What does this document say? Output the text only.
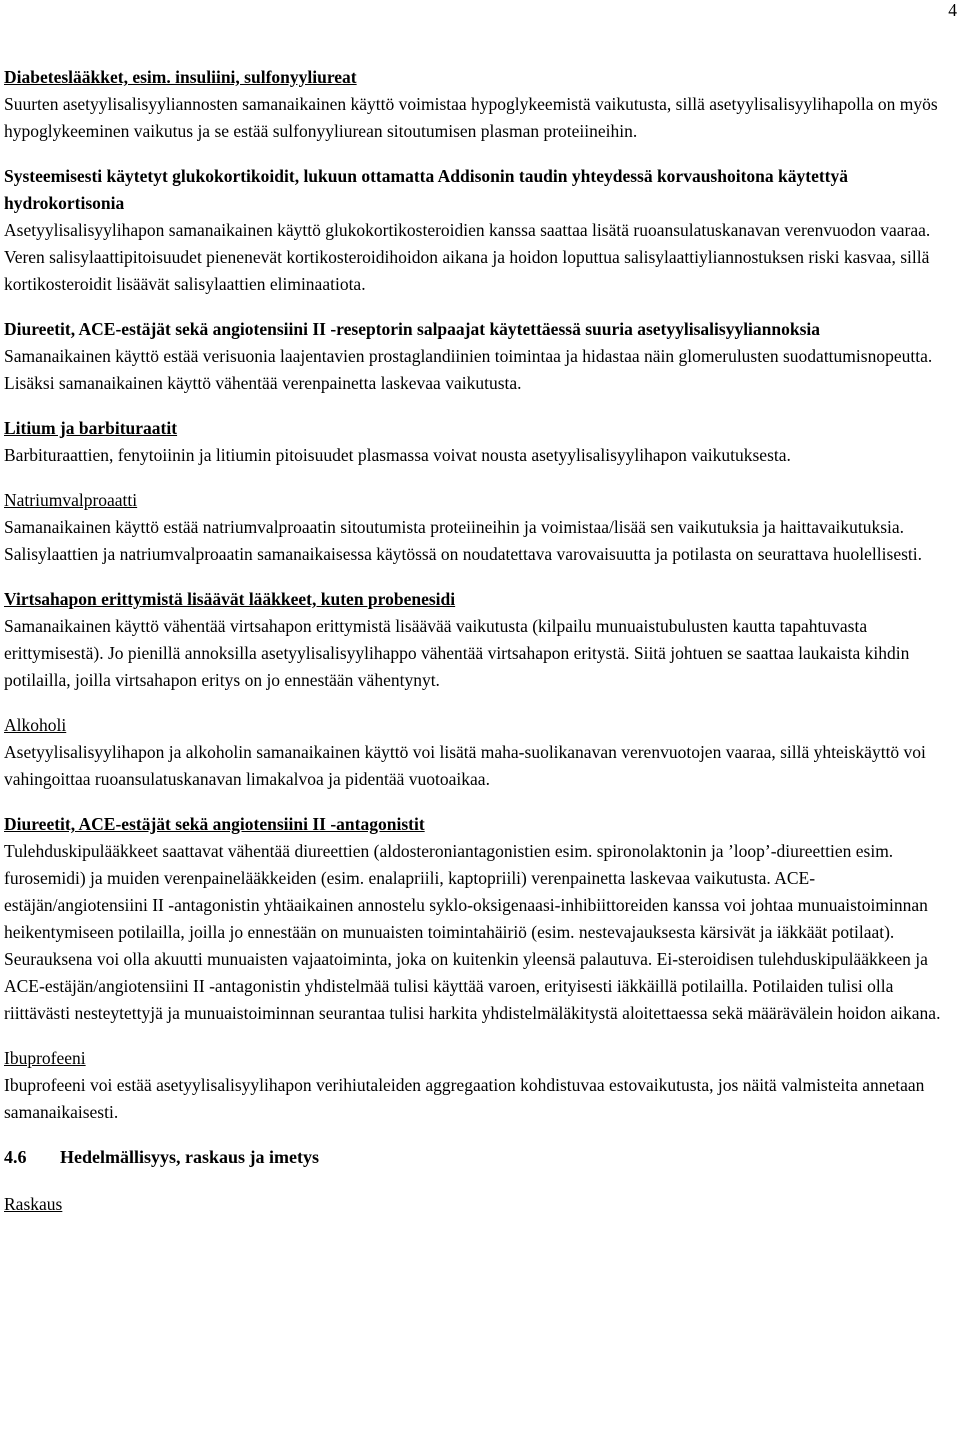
4
Diabeteslääkket, esim. insuliini, sulfonyyliureat

Suurten asetyylisalisyyliannosten samanaikainen käyttö voimistaa hypoglykeemistä vaikutusta, sillä asetyylisalisyylihapolla on myös hypoglykeeminen vaikutus ja se estää sulfonyyliurean sitoutumisen plasman proteiineihin.

Systeemisesti käytetyt glukokortikoidit, lukuun ottamatta Addisonin taudin yhteydessä korvaushoitona käytettyä hydrokortisonia

Asetyylisalisyylihapon samanaikainen käyttö glukokortikosteroidien kanssa saattaa lisätä ruoansulatuskanavan verenvuodon vaaraa. Veren salisylaattipitoisuudet pienenevät kortikosteroidihoidon aikana ja hoidon loputtua salisylaattiyliannostuksen riski kasvaa, sillä kortikosteroidit lisäävät salisylaattien eliminaatiota.

Diureetit, ACE-estäjät sekä angiotensiini II -reseptorin salpaajat käytettäessä suuria asetyylisalisyyliannoksia

Samanaikainen käyttö estää verisuonia laajentavien prostaglandiinien toimintaa ja hidastaa näin glomerulusten suodattumisnopeutta. Lisäksi samanaikainen käyttö vähentää verenpainetta laskevaa vaikutusta.

Litium ja barbituraatit

Barbituraattien, fenytoiinin ja litiumin pitoisuudet plasmassa voivat nousta asetyylisalisyylihapon vaikutuksesta.

Natriumvalproaatti

Samanaikainen käyttö estää natriumvalproaatin sitoutumista proteiineihin ja voimistaa/lisää sen vaikutuksia ja haittavaikutuksia. Salisylaattien ja natriumvalproaatin samanaikaisessa käytössä on noudatettava varovaisuutta ja potilasta on seurattava huolellisesti.

Virtsahapon erittymistä lisäävät lääkkeet, kuten probenesidi

Samanaikainen käyttö vähentää virtsahapon erittymistä lisäävää vaikutusta (kilpailu munuaistubulusten kautta tapahtuvasta erittymisestä). Jo pienillä annoksilla asetyylisalisyylihappo vähentää virtsahapon eritystä. Siitä johtuen se saattaa laukaista kihdin potilailla, joilla virtsahapon eritys on jo ennestään vähentynyt.

Alkoholi

Asetyylisalisyylihapon ja alkoholin samanaikainen käyttö voi lisätä maha-suolikanavan verenvuotojen vaaraa, sillä yhteiskäyttö voi vahingoittaa ruoansulatuskanavan limakalvoa ja pidentää vuotoaikaa.

Diureetit, ACE-estäjät sekä angiotensiini II -antagonistit

Tulehduskipulääkkeet saattavat vähentää diureettien (aldosteroniantagonistien esim. spironolaktonin ja ’loop’-diureettien esim. furosemidi) ja muiden verenpainelääkkeiden (esim. enalapriili, kaptopriili) verenpainetta laskevaa vaikutusta. ACE-estäjän/angiotensiini II -antagonistin yhtäaikainen annostelu syklo-oksigenaasi-inhibiittoreiden kanssa voi johtaa munuaistoiminnan heikentymiseen potilailla, joilla jo ennestään on munuaisten toimintahäiriö (esim. nestevajauksesta kärsivät ja iäkkäät potilaat). Seurauksena voi olla akuutti munuaisten vajaatoiminta, joka on kuitenkin yleensä palautuva. Ei-steroidisen tulehduskipulääkkeen ja ACE-estäjän/angiotensiini II -antagonistin yhdistelmää tulisi käyttää varoen, erityisesti iäkkäillä potilailla. Potilaiden tulisi olla riittävästi nesteytettyjä ja munuaistoiminnan seurantaa tulisi harkita yhdistelmäläkitystä aloitettaessa sekä määrävälein hoidon aikana.

Ibuprofeeni

Ibuprofeeni voi estää asetyylisalisyylihapon verihiutaleiden aggregaation kohdistuvaa estovaikutusta, jos näitä valmisteita annetaan samanaikaisesti.

4.6 Hedelmällisyys, raskaus ja imetys
Raskaus
